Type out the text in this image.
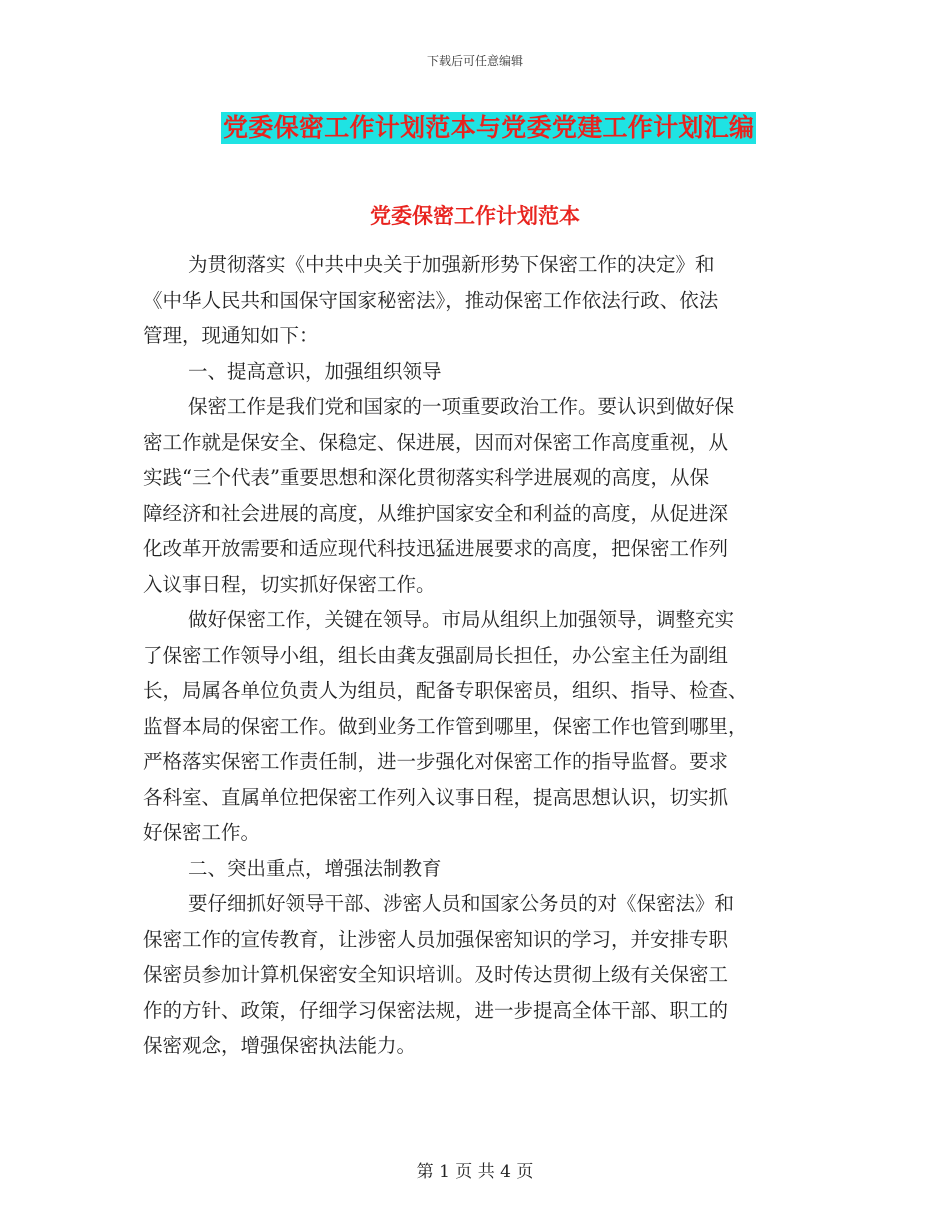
下载后可任意编辑
党委保密工作计划范本与党委党建工作计划汇编
党委保密工作计划范本
为贯彻落实《中共中央关于加强新形势下保密工作的决定》和
《中华人民共和国保守国家秘密法》，推动保密工作依法行政、依法
管理，现通知如下：
一、提高意识，加强组织领导
保密工作是我们党和国家的一项重要政治工作。要认识到做好保
密工作就是保安全、保稳定、保进展，因而对保密工作高度重视，从
实践“三个代表”重要思想和深化贯彻落实科学进展观的高度，从保
障经济和社会进展的高度，从维护国家安全和利益的高度，从促进深
化改革开放需要和适应现代科技迅猛进展要求的高度，把保密工作列
入议事日程，切实抓好保密工作。
做好保密工作，关键在领导。市局从组织上加强领导，调整充实
了保密工作领导小组，组长由龚友强副局长担任，办公室主任为副组
长，局属各单位负责人为组员，配备专职保密员，组织、指导、检查、
监督本局的保密工作。做到业务工作管到哪里，保密工作也管到哪里，
严格落实保密工作责任制，进一步强化对保密工作的指导监督。要求
各科室、直属单位把保密工作列入议事日程，提高思想认识，切实抓
好保密工作。
二、突出重点，增强法制教育
要仔细抓好领导干部、涉密人员和国家公务员的对《保密法》和
保密工作的宣传教育，让涉密人员加强保密知识的学习，并安排专职
保密员参加计算机保密安全知识培训。及时传达贯彻上级有关保密工
作的方针、政策，仔细学习保密法规，进一步提高全体干部、职工的
保密观念，增强保密执法能力。
第 1 页 共 4 页
